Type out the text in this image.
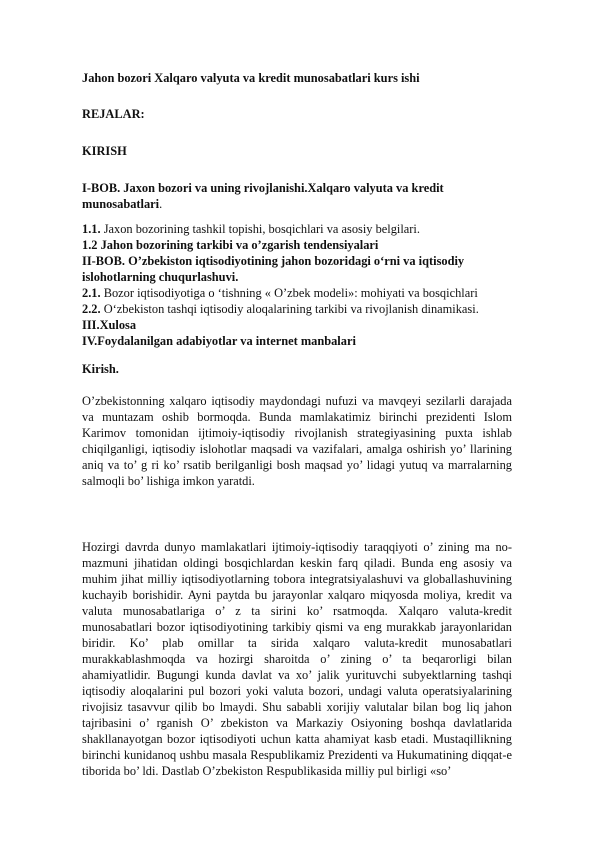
Jahon bozori Xalqaro valyuta va kredit munosabatlari kurs ishi

REJALAR:

KIRISH

I-BOB. Jaxon bozori va uning rivojlanishi.Xalqaro valyuta va kredit munosabatlari.

1.1. Jaxon bozorining tashkil topishi, bosqichlari va asosiy belgilari.
1.2 Jahon bozorining tarkibi va o’zgarish tendensiyalari
II-BOB. O’zbekiston iqtisodiyotining jahon bozoridagi o‘rni va iqtisodiy islohotlarning chuqurlashuvi.
2.1. Bozor iqtisodiyotiga o ‘tishning « O’zbek modeli»: mohiyati va bosqichlari
2.2. O‘zbekiston tashqi iqtisodiy aloqalarining tarkibi va rivojlanish dinamikasi.
III.Xulosa
IV.Foydalanilgan adabiyotlar va internet manbalari

Kirish.

O’zbekistonning xalqaro iqtisodiy maydondagi nufuzi va mavqeyi sezilarli darajada va muntazam oshib bormoqda. Bunda mamlakatimiz birinchi prezidenti Islom Karimov tomonidan ijtimoiy-iqtisodiy rivojlanish strategiyasining puxta ishlab chiqilganligi, iqtisodiy islohotlar maqsadi va vazifalari, amalga oshirish yo’ llarining aniq va to’ g ri ko’ rsatib berilganligi bosh maqsad yo’ lidagi yutuq va marralarning salmoqli bo’ lishiga imkon yaratdi.

Hozirgi davrda dunyo mamlakatlari ijtimoiy-iqtisodiy taraqqiyoti o’ zining ma no-mazmuni jihatidan oldingi bosqichlardan keskin farq qiladi. Bunda eng asosiy va muhim jihat milliy iqtisodiyotlarning tobora integratsiyalashuvi va globallashuvining kuchayib borishidir. Ayni paytda bu jarayonlar xalqaro miqyosda moliya, kredit va valuta munosabatlariga o’ z ta sirini ko’ rsatmoqda. Xalqaro valuta-kredit munosabatlari bozor iqtisodiyotining tarkibiy qismi va eng murakkab jarayonlaridan biridir. Ko’ plab omillar ta sirida xalqaro valuta-kredit munosabatlari murakkablashmoqda va hozirgi sharoitda o’ zining o’ ta beqarorligi bilan ahamiyatlidir. Bugungi kunda davlat va xo’ jalik yurituvchi subyektlarning tashqi iqtisodiy aloqalarini pul bozori yoki valuta bozori, undagi valuta operatsiyalarining rivojisiz tasavvur qilib bo lmaydi. Shu sababli xorijiy valutalar bilan bog liq jahon tajribasini o’ rganish O’ zbekiston va Markaziy Osiyoning boshqa davlatlarida shakllanayotgan bozor iqtisodiyoti uchun katta ahamiyat kasb etadi. Mustaqillikning birinchi kunidanoq ushbu masala Respublikamiz Prezidenti va Hukumatining diqqat-e tiborida bo’ ldi. Dastlab O’zbekiston Respublikasida milliy pul birligi «so’
